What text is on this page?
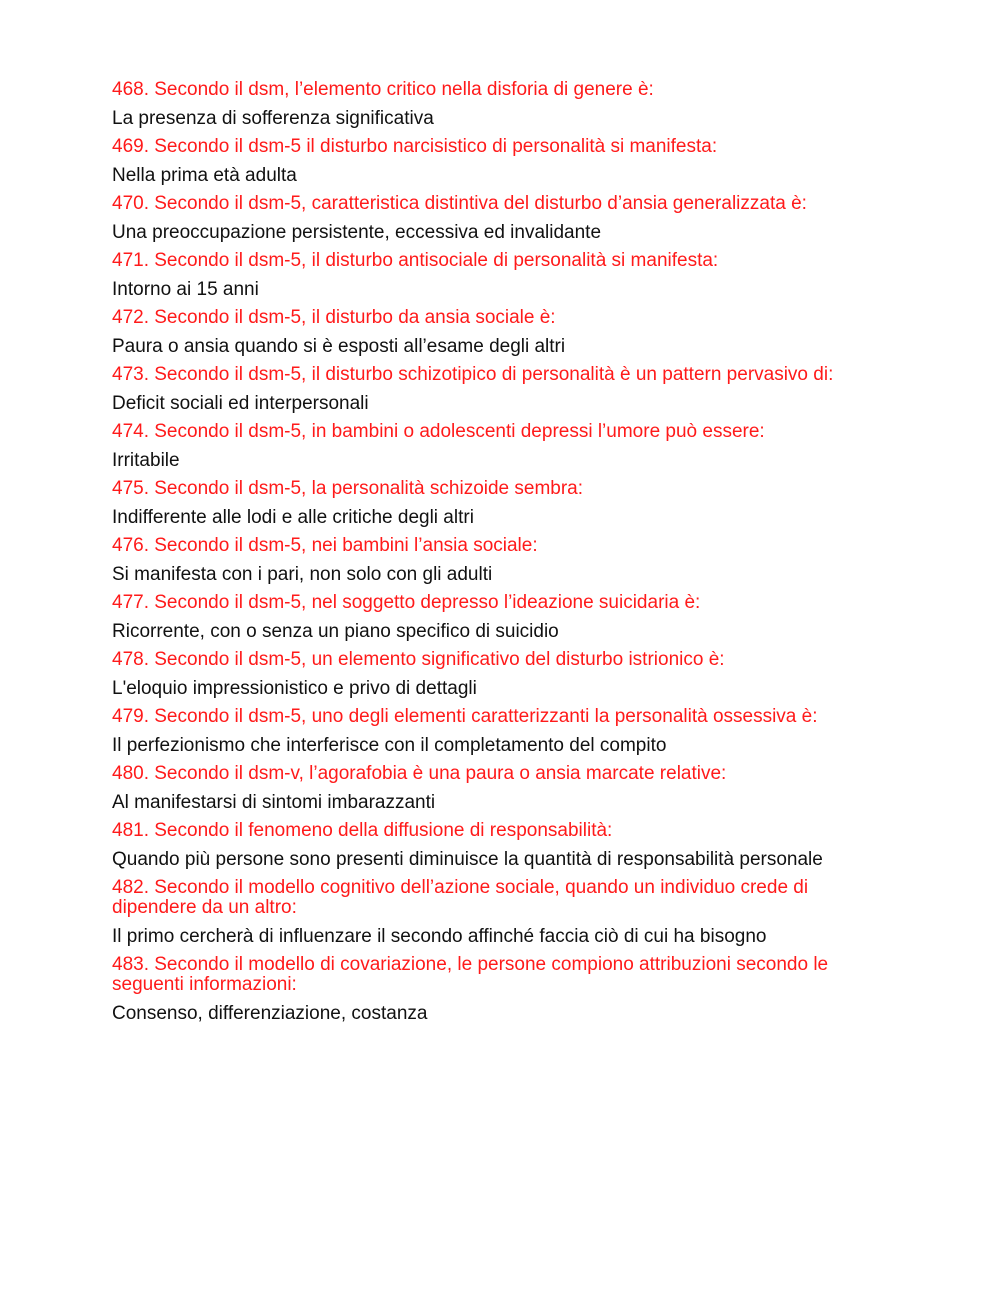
468. Secondo il dsm, l’elemento critico nella disforia di genere è:

La presenza di sofferenza significativa

469. Secondo il dsm-5 il disturbo narcisistico di personalità si manifesta:

Nella prima età adulta

470. Secondo il dsm-5, caratteristica distintiva del disturbo d’ansia generalizzata è:

Una preoccupazione persistente, eccessiva ed invalidante

471. Secondo il dsm-5, il disturbo antisociale di personalità si manifesta:

Intorno ai 15 anni

472. Secondo il dsm-5, il disturbo da ansia sociale è:

Paura o ansia quando si è esposti all’esame degli altri

473. Secondo il dsm-5, il disturbo schizotipico di personalità è un pattern pervasivo di:

Deficit sociali ed interpersonali

474. Secondo il dsm-5, in bambini o adolescenti depressi l’umore può essere:

Irritabile

475. Secondo il dsm-5, la personalità schizoide sembra:

Indifferente alle lodi e alle critiche degli altri

476. Secondo il dsm-5, nei bambini l’ansia sociale:

Si manifesta con i pari, non solo con gli adulti

477. Secondo il dsm-5, nel soggetto depresso l’ideazione suicidaria è:

Ricorrente, con o senza un piano specifico di suicidio

478. Secondo il dsm-5, un elemento significativo del disturbo istrionico è:

L'eloquio impressionistico e privo di dettagli

479. Secondo il dsm-5, uno degli elementi caratterizzanti la personalità ossessiva è:

Il perfezionismo che interferisce con il completamento del compito

480. Secondo il dsm-v, l’agorafobia è una paura o ansia marcate relative:

Al manifestarsi di sintomi imbarazzanti

481. Secondo il fenomeno della diffusione di responsabilità:

Quando più persone sono presenti diminuisce la quantità di responsabilità personale

482. Secondo il modello cognitivo dell’azione sociale, quando un individuo crede di dipendere da un altro:

Il primo cercherà di influenzare il secondo affinché faccia ciò di cui ha bisogno

483. Secondo il modello di covariazione, le persone compiono attribuzioni secondo le seguenti informazioni:

Consenso, differenziazione, costanza
